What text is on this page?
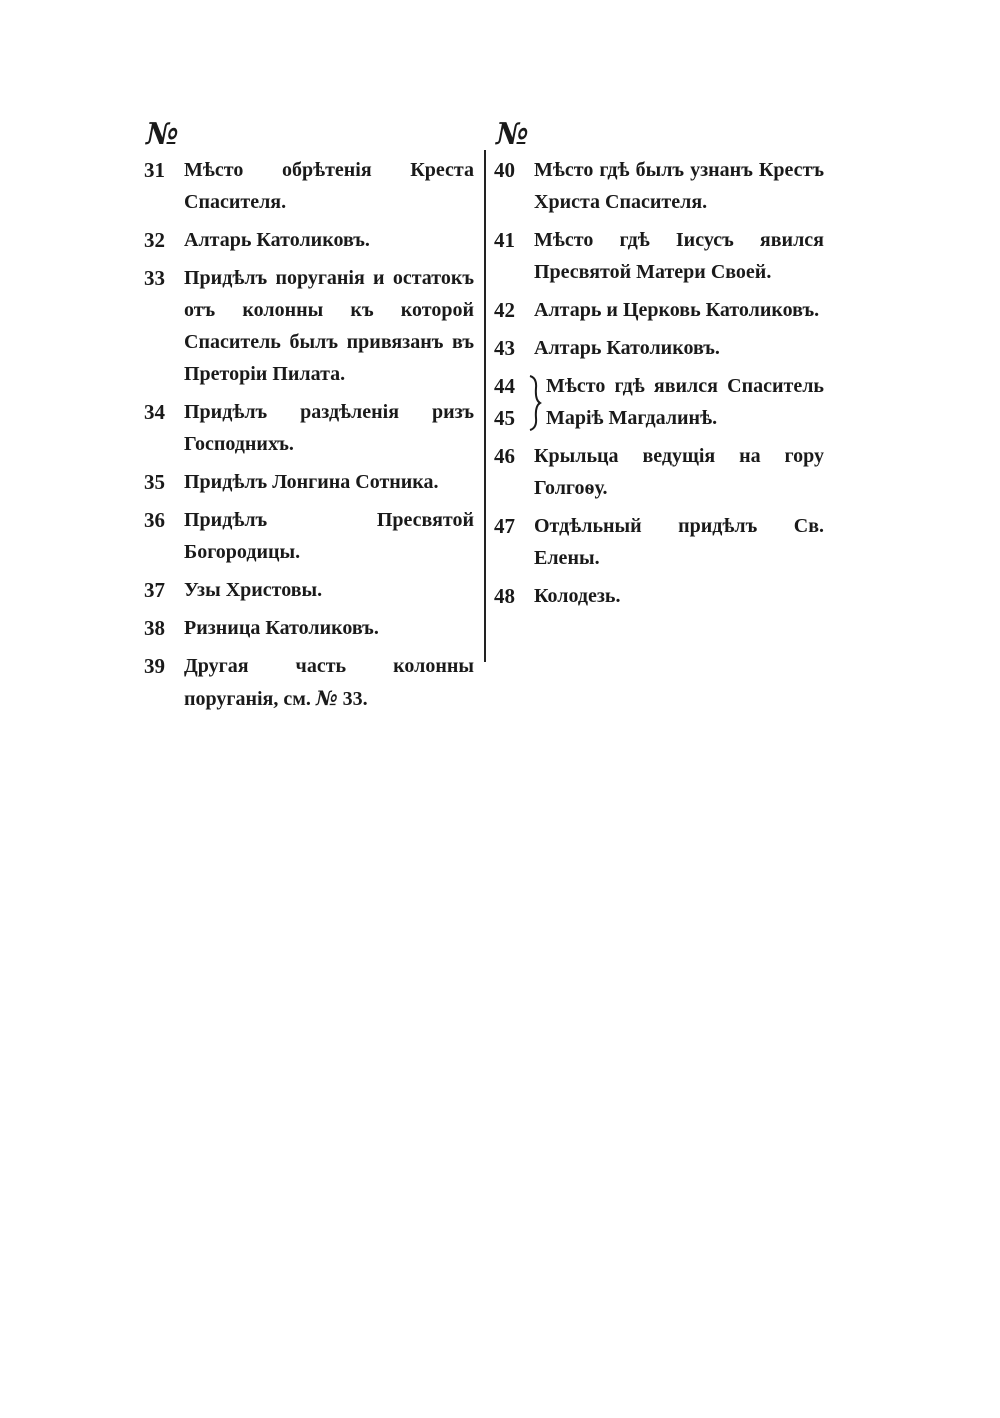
№
31 Мѣсто обрѣтенія Креста Спасителя.
32 Алтарь Католиковъ.
33 Придѣлъ поруганія и остатокъ отъ колонны къ которой Спаситель былъ привязанъ въ Преторіи Пилата.
34 Придѣлъ раздѣленія ризъ Господнихъ.
35 Придѣлъ Лонгина Сотника.
36 Придѣлъ Пресвятой Богородицы.
37 Узы Христовы.
38 Ризница Католиковъ.
39 Другая часть колонны поруганія, см. № 33.
№
40 Мѣсто гдѣ былъ узнанъ Крестъ Христа Спасителя.
41 Мѣсто гдѣ Іисусъ явился Пресвятой Матери Своей.
42 Алтарь и Церковь Католиковъ.
43 Алтарь Католиковъ.
44
45
Мѣсто гдѣ явился Спаситель Маріѣ Магдалинѣ.
46 Крыльца ведущія на гору Голгоѳу.
47 Отдѣльный придѣлъ Св. Елены.
48 Колодезь.
